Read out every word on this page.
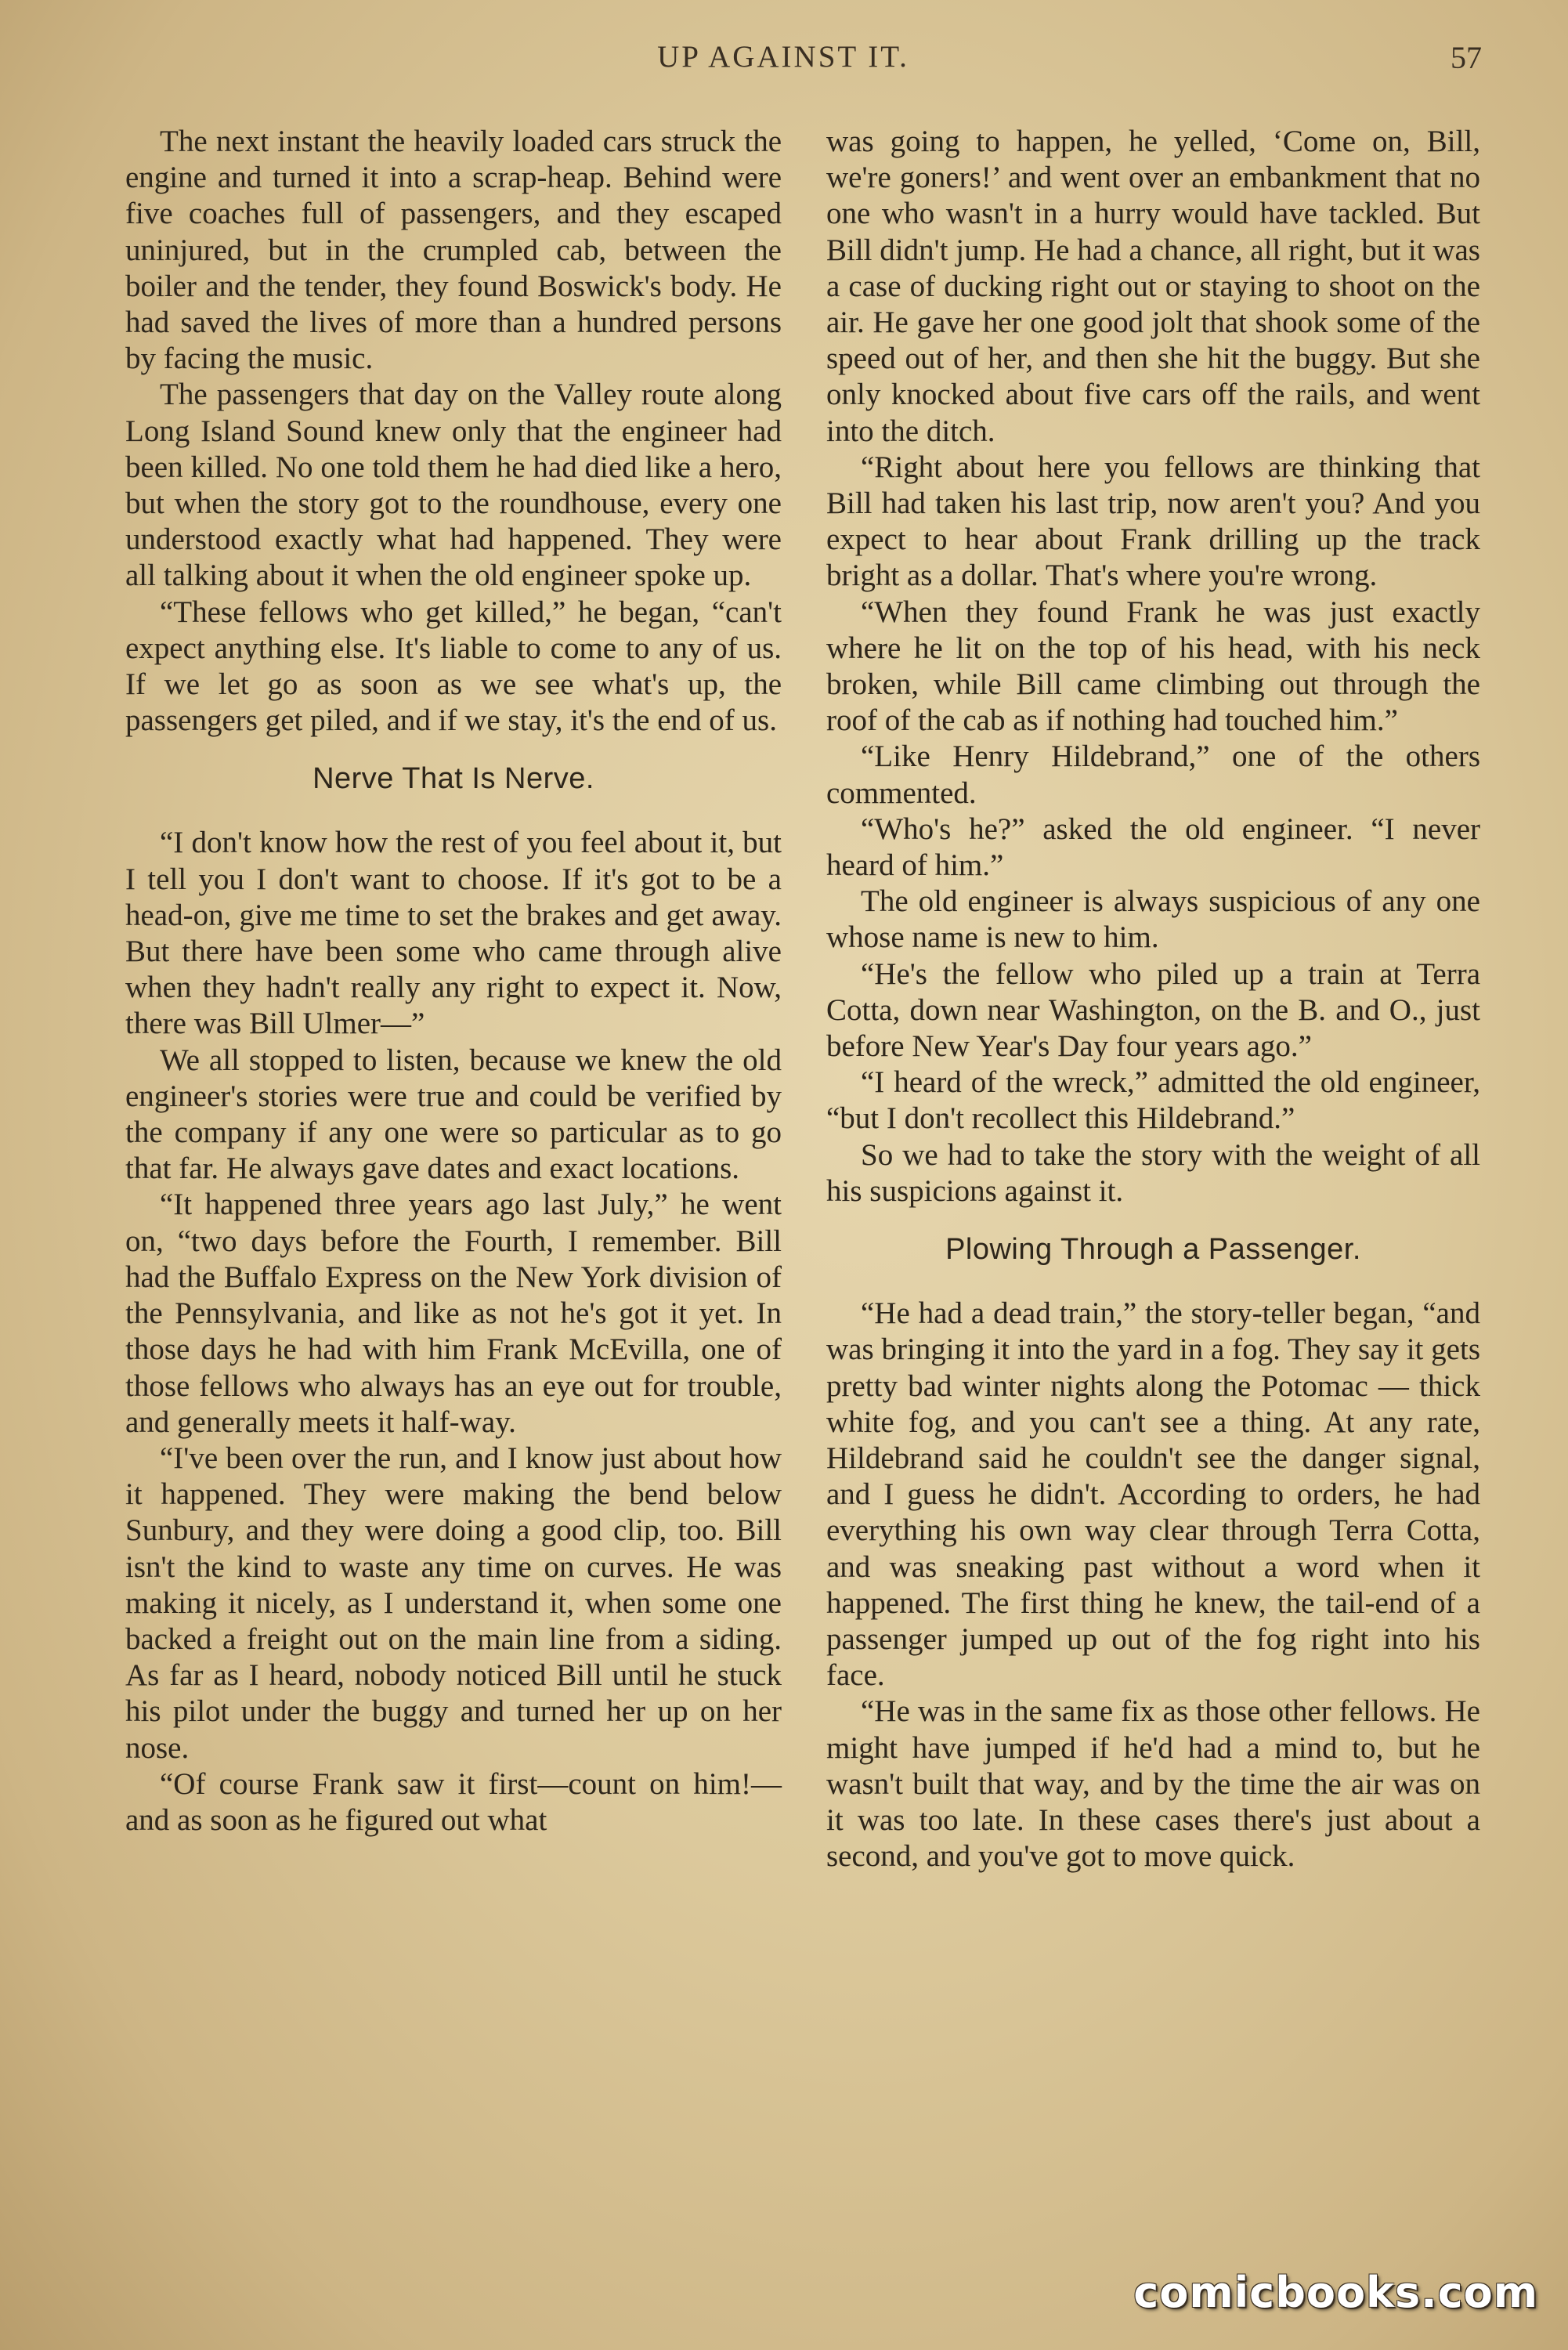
UP AGAINST IT.	57

The next instant the heavily loaded cars struck the engine and turned it into a scrap-heap. Behind were five coaches full of passengers, and they escaped uninjured, but in the crumpled cab, between the boiler and the tender, they found Boswick's body. He had saved the lives of more than a hundred persons by facing the music.

The passengers that day on the Valley route along Long Island Sound knew only that the engineer had been killed. No one told them he had died like a hero, but when the story got to the roundhouse, every one understood exactly what had happened. They were all talking about it when the old engineer spoke up.

“These fellows who get killed,” he began, “can't expect anything else. It's liable to come to any of us. If we let go as soon as we see what's up, the passengers get piled, and if we stay, it's the end of us.

Nerve That Is Nerve.

“I don't know how the rest of you feel about it, but I tell you I don't want to choose. If it's got to be a head-on, give me time to set the brakes and get away. But there have been some who came through alive when they hadn't really any right to expect it. Now, there was Bill Ulmer—”

We all stopped to listen, because we knew the old engineer's stories were true and could be verified by the company if any one were so particular as to go that far. He always gave dates and exact locations.

“It happened three years ago last July,” he went on, “two days before the Fourth, I remember. Bill had the Buffalo Express on the New York division of the Pennsylvania, and like as not he's got it yet. In those days he had with him Frank McEvilla, one of those fellows who always has an eye out for trouble, and generally meets it half-way.

“I've been over the run, and I know just about how it happened. They were making the bend below Sunbury, and they were doing a good clip, too. Bill isn't the kind to waste any time on curves. He was making it nicely, as I understand it, when some one backed a freight out on the main line from a siding. As far as I heard, nobody noticed Bill until he stuck his pilot under the buggy and turned her up on her nose.

“Of course Frank saw it first—count on him!—and as soon as he figured out what

was going to happen, he yelled, ‘Come on, Bill, we're goners!’ and went over an embankment that no one who wasn't in a hurry would have tackled. But Bill didn't jump. He had a chance, all right, but it was a case of ducking right out or staying to shoot on the air. He gave her one good jolt that shook some of the speed out of her, and then she hit the buggy. But she only knocked about five cars off the rails, and went into the ditch.

“Right about here you fellows are thinking that Bill had taken his last trip, now aren't you? And you expect to hear about Frank drilling up the track bright as a dollar. That's where you're wrong.

“When they found Frank he was just exactly where he lit on the top of his head, with his neck broken, while Bill came climbing out through the roof of the cab as if nothing had touched him.”

“Like Henry Hildebrand,” one of the others commented.

“Who's he?” asked the old engineer. “I never heard of him.”

The old engineer is always suspicious of any one whose name is new to him.

“He's the fellow who piled up a train at Terra Cotta, down near Washington, on the B. and O., just before New Year's Day four years ago.”

“I heard of the wreck,” admitted the old engineer, “but I don't recollect this Hildebrand.”

So we had to take the story with the weight of all his suspicions against it.

Plowing Through a Passenger.

“He had a dead train,” the story-teller began, “and was bringing it into the yard in a fog. They say it gets pretty bad winter nights along the Potomac — thick white fog, and you can't see a thing. At any rate, Hildebrand said he couldn't see the danger signal, and I guess he didn't. According to orders, he had everything his own way clear through Terra Cotta, and was sneaking past without a word when it happened. The first thing he knew, the tail-end of a passenger jumped up out of the fog right into his face.

“He was in the same fix as those other fellows. He might have jumped if he'd had a mind to, but he wasn't built that way, and by the time the air was on it was too late. In these cases there's just about a second, and you've got to move quick.

comicbooks.com
